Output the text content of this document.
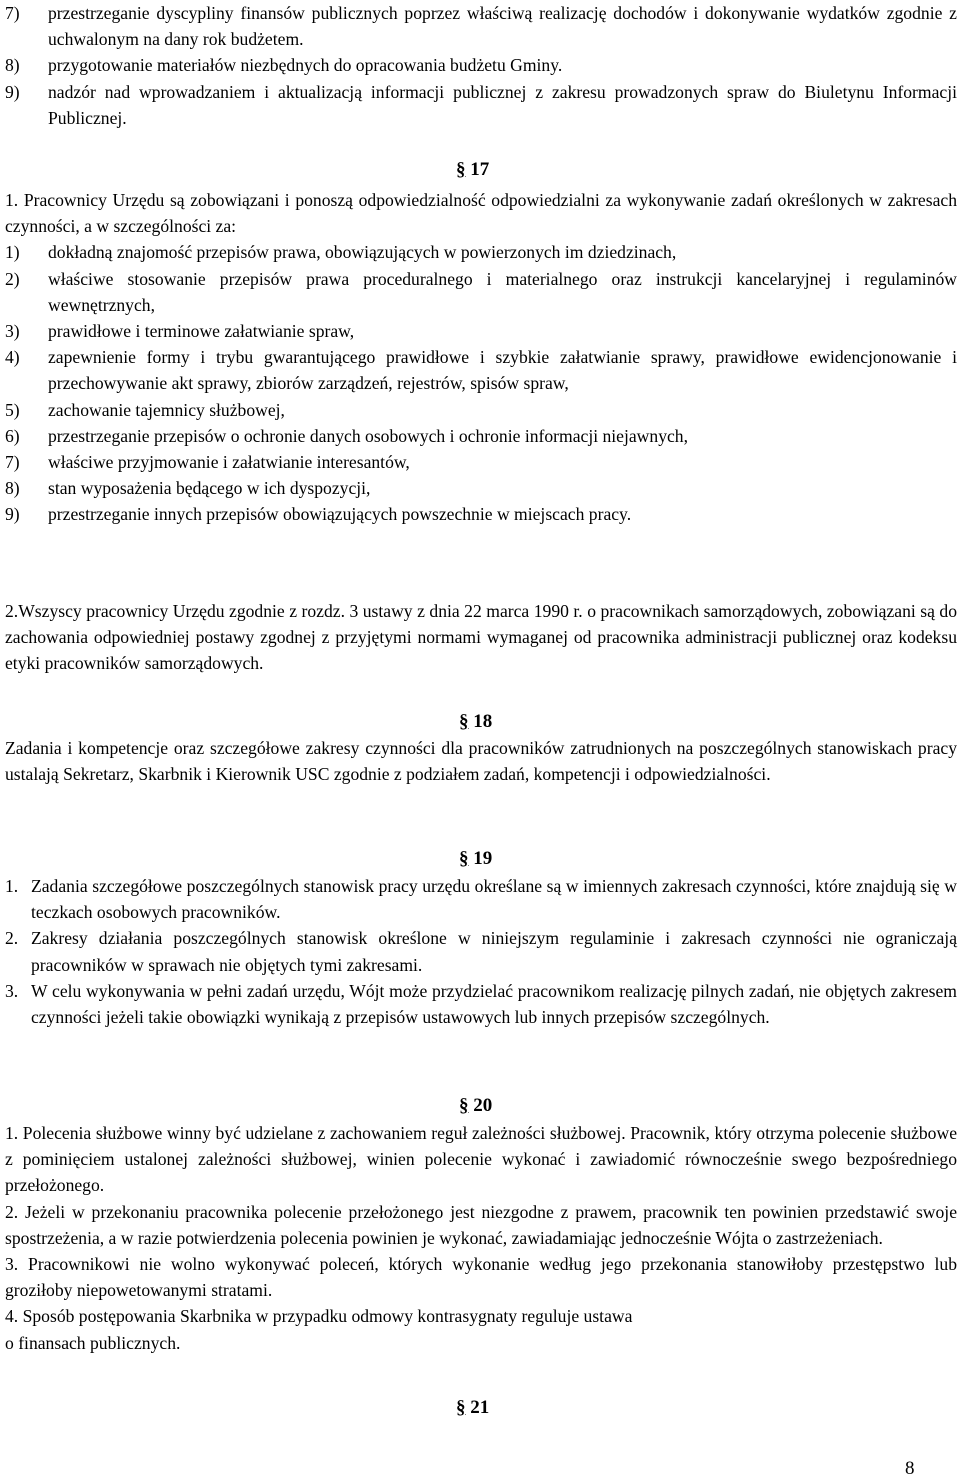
7)	przestrzeganie dyscypliny finansów publicznych poprzez właściwą realizację dochodów i dokonywanie wydatków zgodnie z uchwalonym na dany rok budżetem.
8)	przygotowanie materiałów niezbędnych do opracowania budżetu Gminy.
9)	nadzór nad wprowadzaniem i aktualizacją informacji publicznej z zakresu prowadzonych spraw do Biuletynu Informacji Publicznej.
§ 17
1. Pracownicy Urzędu są zobowiązani i ponoszą odpowiedzialność odpowiedzialni za wykonywanie zadań określonych w zakresach czynności, a w szczególności za:
1)	dokładną znajomość przepisów prawa, obowiązujących w powierzonych im dziedzinach,
2)	właściwe stosowanie przepisów prawa proceduralnego i materialnego oraz instrukcji kancelaryjnej i regulaminów wewnętrznych,
3)	prawidłowe i terminowe załatwianie spraw,
4)	zapewnienie formy i trybu gwarantującego prawidłowe i szybkie załatwianie sprawy, prawidłowe ewidencjonowanie i przechowywanie akt sprawy, zbiorów zarządzeń, rejestrów, spisów spraw,
5)	zachowanie tajemnicy służbowej,
6)	przestrzeganie przepisów o ochronie danych osobowych i ochronie informacji niejawnych,
7)	właściwe przyjmowanie i załatwianie interesantów,
8)	stan wyposażenia będącego w ich dyspozycji,
9)	przestrzeganie innych przepisów obowiązujących powszechnie w miejscach pracy.
2.Wszyscy pracownicy Urzędu zgodnie z rozdz. 3 ustawy z dnia 22 marca 1990 r. o pracownikach samorządowych, zobowiązani są do zachowania odpowiedniej postawy zgodnej z przyjętymi normami wymaganej od pracownika administracji publicznej oraz kodeksu etyki pracowników samorządowych.
§ 18
Zadania i kompetencje oraz szczegółowe zakresy czynności dla pracowników zatrudnionych na poszczególnych stanowiskach pracy ustalają Sekretarz, Skarbnik i Kierownik USC zgodnie z podziałem zadań, kompetencji i odpowiedzialności.
§ 19
1. Zadania szczegółowe poszczególnych stanowisk pracy urzędu określane są w imiennych zakresach czynności, które znajdują się w teczkach osobowych pracowników.
2. Zakresy działania poszczególnych stanowisk określone w niniejszym regulaminie i zakresach czynności nie ograniczają pracowników w sprawach nie objętych tymi zakresami.
3. W celu wykonywania w pełni zadań urzędu, Wójt może przydzielać pracownikom realizację pilnych zadań, nie objętych zakresem czynności jeżeli takie obowiązki wynikają z przepisów ustawowych lub innych przepisów szczególnych.
§ 20
1. Polecenia służbowe winny być udzielane z zachowaniem reguł zależności służbowej. Pracownik, który otrzyma polecenie służbowe z pominięciem ustalonej zależności służbowej, winien polecenie wykonać i zawiadomić równocześnie swego bezpośredniego przełożonego.
2. Jeżeli w przekonaniu pracownika polecenie przełożonego jest niezgodne z prawem, pracownik ten powinien przedstawić swoje spostrzeżenia, a w razie potwierdzenia polecenia powinien je wykonać, zawiadamiając jednocześnie Wójta o zastrzeżeniach.
3. Pracownikowi nie wolno wykonywać poleceń, których wykonanie według jego przekonania stanowiłoby przestępstwo lub groziłoby niepowetowanymi stratami.
4. Sposób postępowania Skarbnika w przypadku odmowy kontrasygnaty reguluje ustawa
o finansach publicznych.
§ 21
8
